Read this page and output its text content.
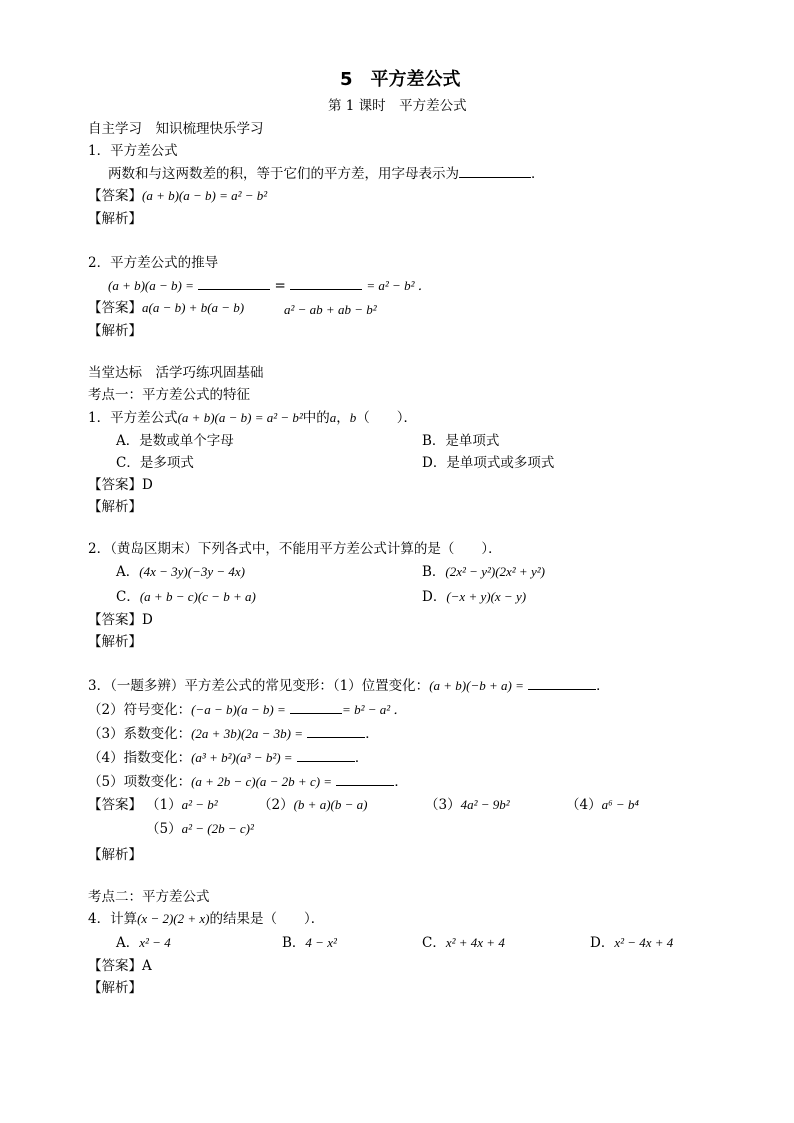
5　平方差公式
第 1 课时　平方差公式
自主学习　知识梳理快乐学习
1．平方差公式
两数和与这两数差的积，等于它们的平方差，用字母表示为	．
【答案】(a + b)(a − b) = a² − b²
【解析】
2．平方差公式的推导
(a + b)(a − b) =	=	= a² − b² ．
【答案】a(a − b) + b(a − b)	a² − ab + ab − b²
【解析】
当堂达标　活学巧练巩固基础
考点一：平方差公式的特征
1．平方差公式(a + b)(a − b) = a² − b²中的a，b（　　）．
A．是数或单个字母	B．是单项式
C．是多项式	D．是单项式或多项式
【答案】D
【解析】
2．（黄岛区期末）下列各式中，不能用平方差公式计算的是（　　）．
A．(4x − 3y)(−3y − 4x)	B．(2x² − y²)(2x² + y²)
C．(a + b − c)(c − b + a)	D．(−x + y)(x − y)
【答案】D
【解析】
3．（一题多辨）平方差公式的常见变形：（1）位置变化：(a + b)(−b + a) =	．
（2）符号变化：(−a − b)(a − b) =	= b² − a² ．
（3）系数变化：(2a + 3b)(2a − 3b) =	．
（4）指数变化：(a³ + b²)(a³ − b²) =	．
（5）项数变化：(a + 2b − c)(a − 2b + c) =	．
【答案】 （1）a² − b²	（2）(b + a)(b − a)	（3）4a² − 9b²	（4）a⁶ − b⁴
（5）a² − (2b − c)²
【解析】
考点二：平方差公式
4．计算(x − 2)(2 + x)的结果是（　　）．
A．x² − 4	B．4 − x²	C．x² + 4x + 4	D．x² − 4x + 4
【答案】A
【解析】
